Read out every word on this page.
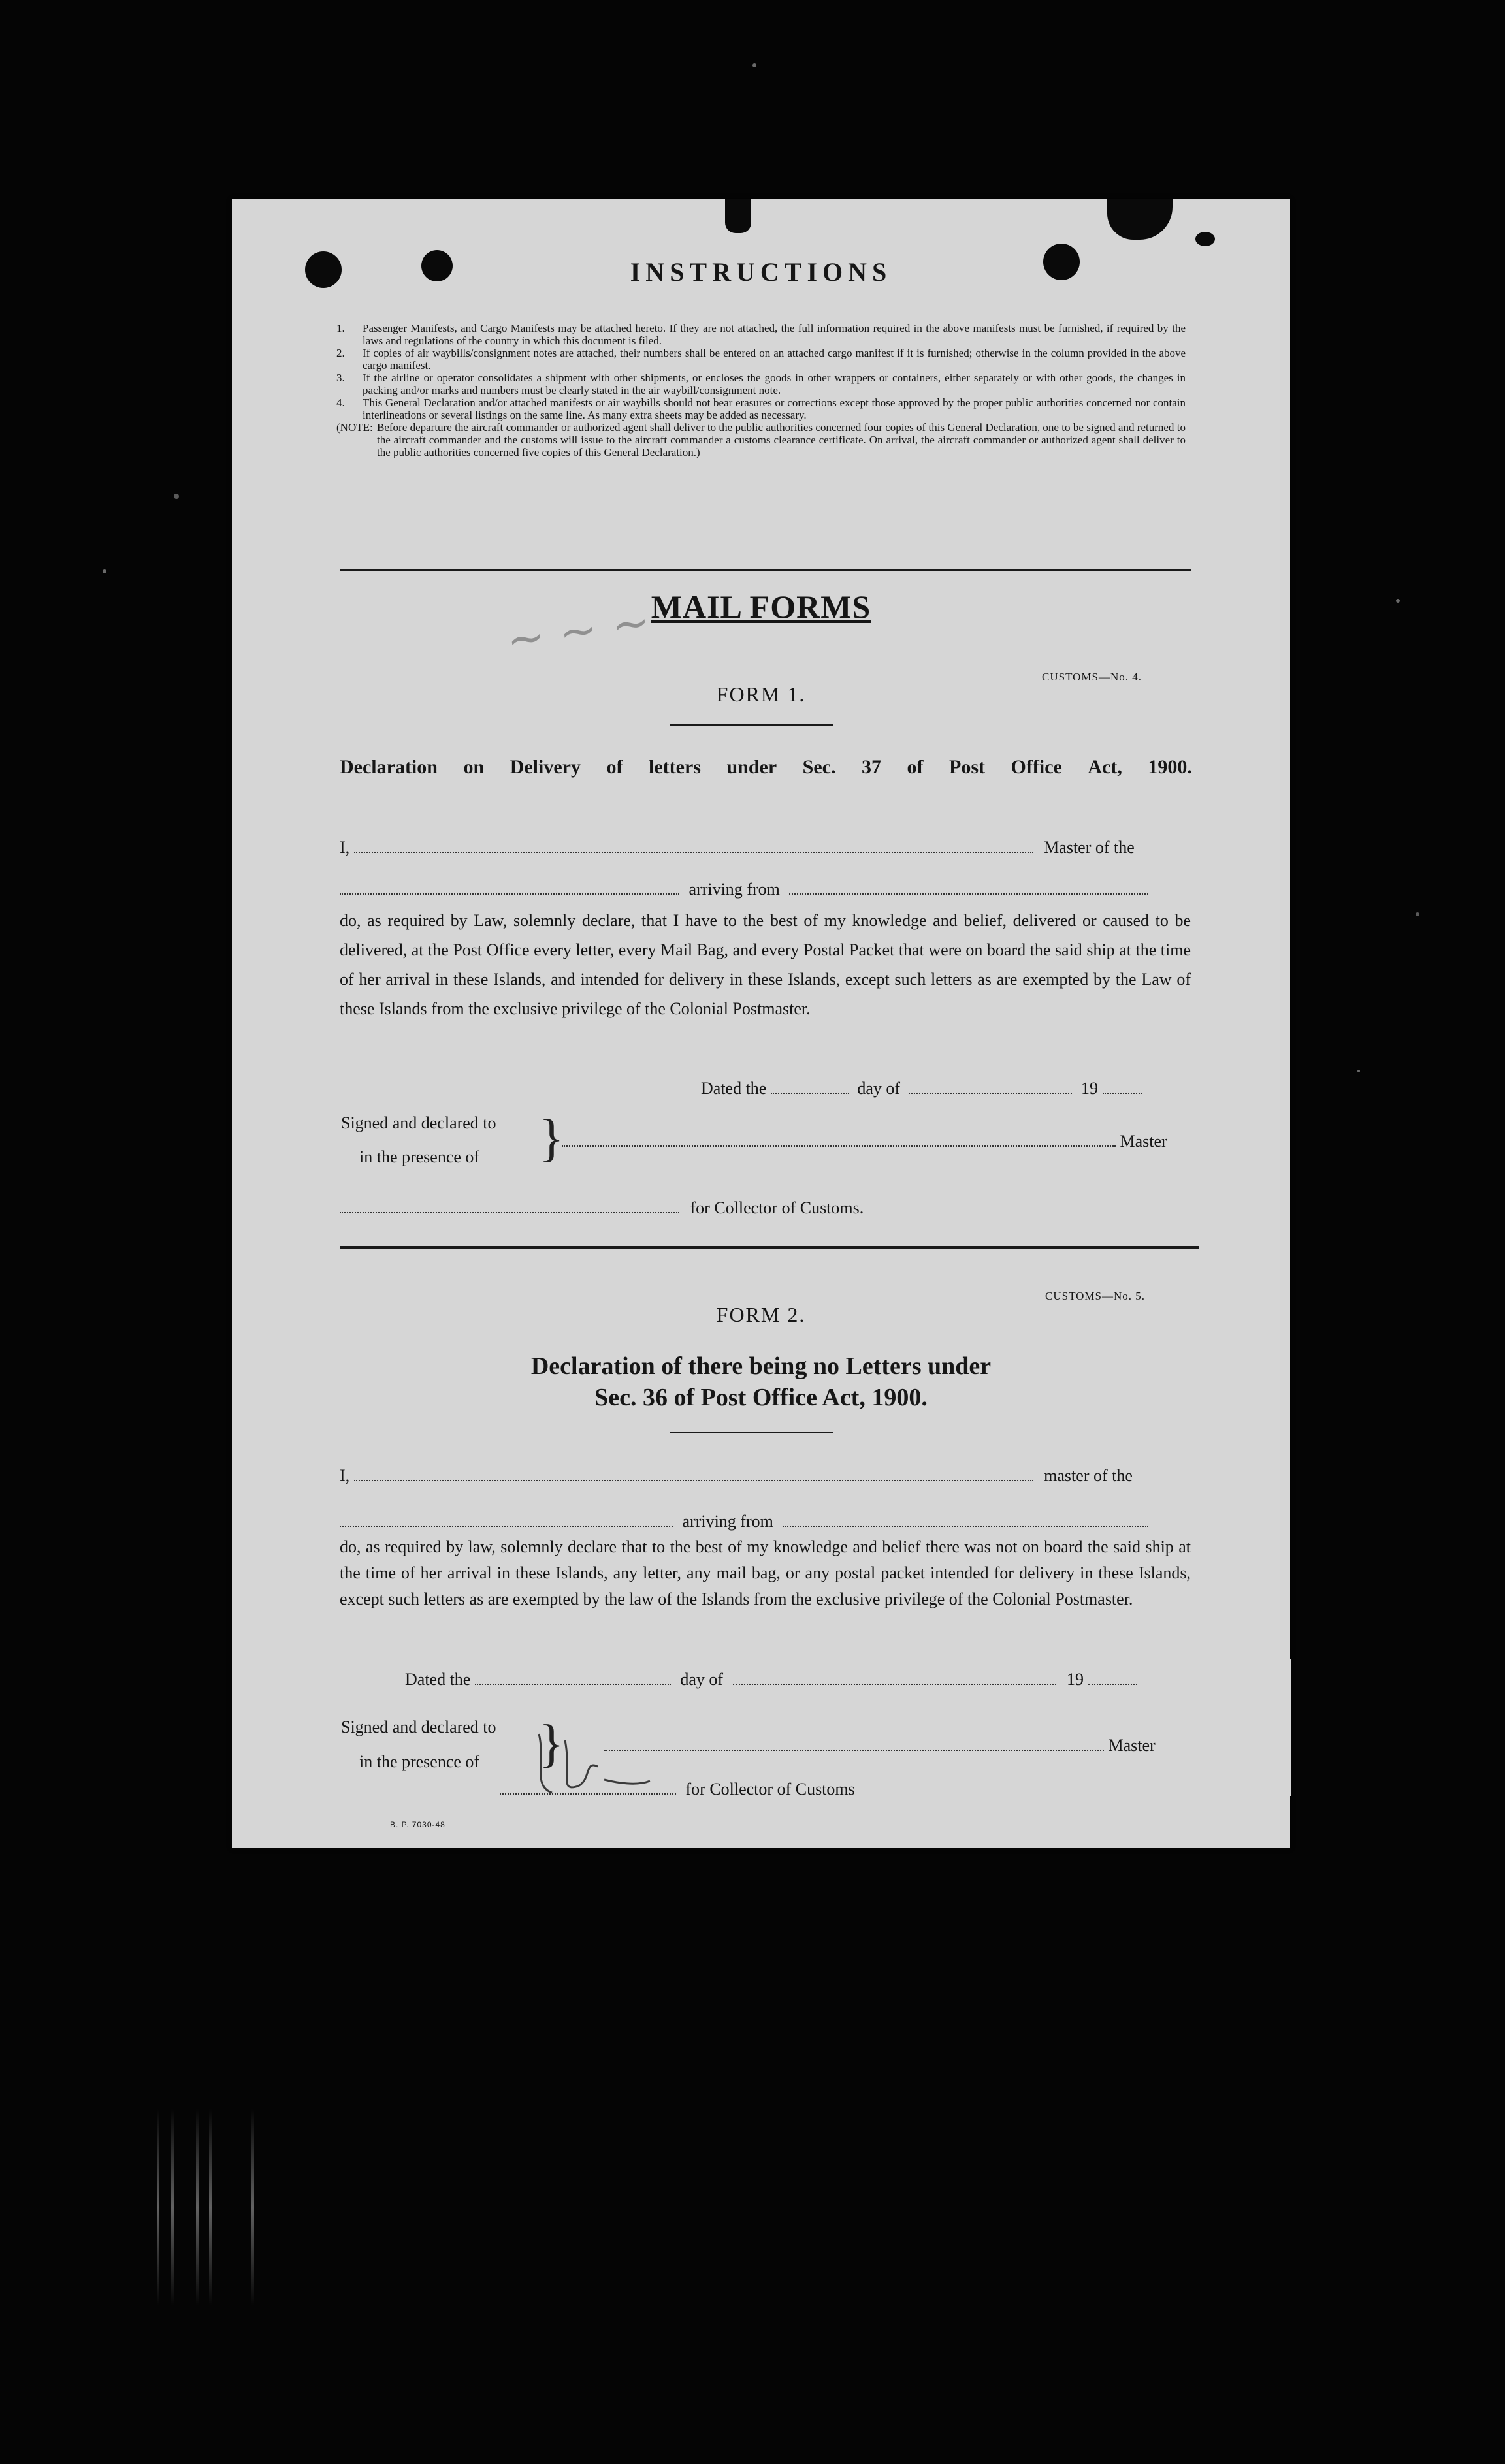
INSTRUCTIONS
1.	Passenger Manifests, and Cargo Manifests may be attached hereto. If they are not attached, the full information required in the above manifests must be furnished, if required by the laws and regulations of the country in which this document is filed.
2.	If copies of air waybills/consignment notes are attached, their numbers shall be entered on an attached cargo manifest if it is furnished; otherwise in the column provided in the above cargo manifest.
3.	If the airline or operator consolidates a shipment with other shipments, or encloses the goods in other wrappers or containers, either separately or with other goods, the changes in packing and/or marks and numbers must be clearly stated in the air waybill/consignment note.
4.	This General Declaration and/or attached manifests or air waybills should not bear erasures or corrections except those approved by the proper public authorities concerned nor contain interlineations or several listings on the same line. As many extra sheets may be added as necessary.
(NOTE: Before departure the aircraft commander or authorized agent shall deliver to the public authorities concerned four copies of this General Declaration, one to be signed and returned to the aircraft commander and the customs will issue to the aircraft commander a customs clearance certificate. On arrival, the aircraft commander or authorized agent shall deliver to the public authorities concerned five copies of this General Declaration.)
MAIL FORMS
~ ~ ~
CUSTOMS—No. 4.
FORM 1.
Declaration on Delivery of letters under Sec. 37 of Post Office Act, 1900.
I,	Master of the
arriving from
do, as required by Law, solemnly declare, that I have to the best of my knowledge and belief, delivered or caused to be delivered, at the Post Office every letter, every Mail Bag, and every Postal Packet that were on board the said ship at the time of her arrival in these Islands, and intended for delivery in these Islands, except such letters as are exempted by the Law of these Islands from the exclusive privilege of the Colonial Postmaster.
Dated the	day of	19
Signed and declared to
in the presence of }	Master
for Collector of Customs.
CUSTOMS—No. 5.
FORM 2.
Declaration of there being no Letters under
Sec. 36 of Post Office Act, 1900.
I,	master of the
arriving from
do, as required by law, solemnly declare that to the best of my knowledge and belief there was not on board the said ship at the time of her arrival in these Islands, any letter, any mail bag, or any postal packet intended for delivery in these Islands, except such letters as are exempted by the law of the Islands from the exclusive privilege of the Colonial Postmaster.
Dated the	day of	19
Signed and declared to
in the presence of }	Master
for Collector of Customs
B. P. 7030-48
